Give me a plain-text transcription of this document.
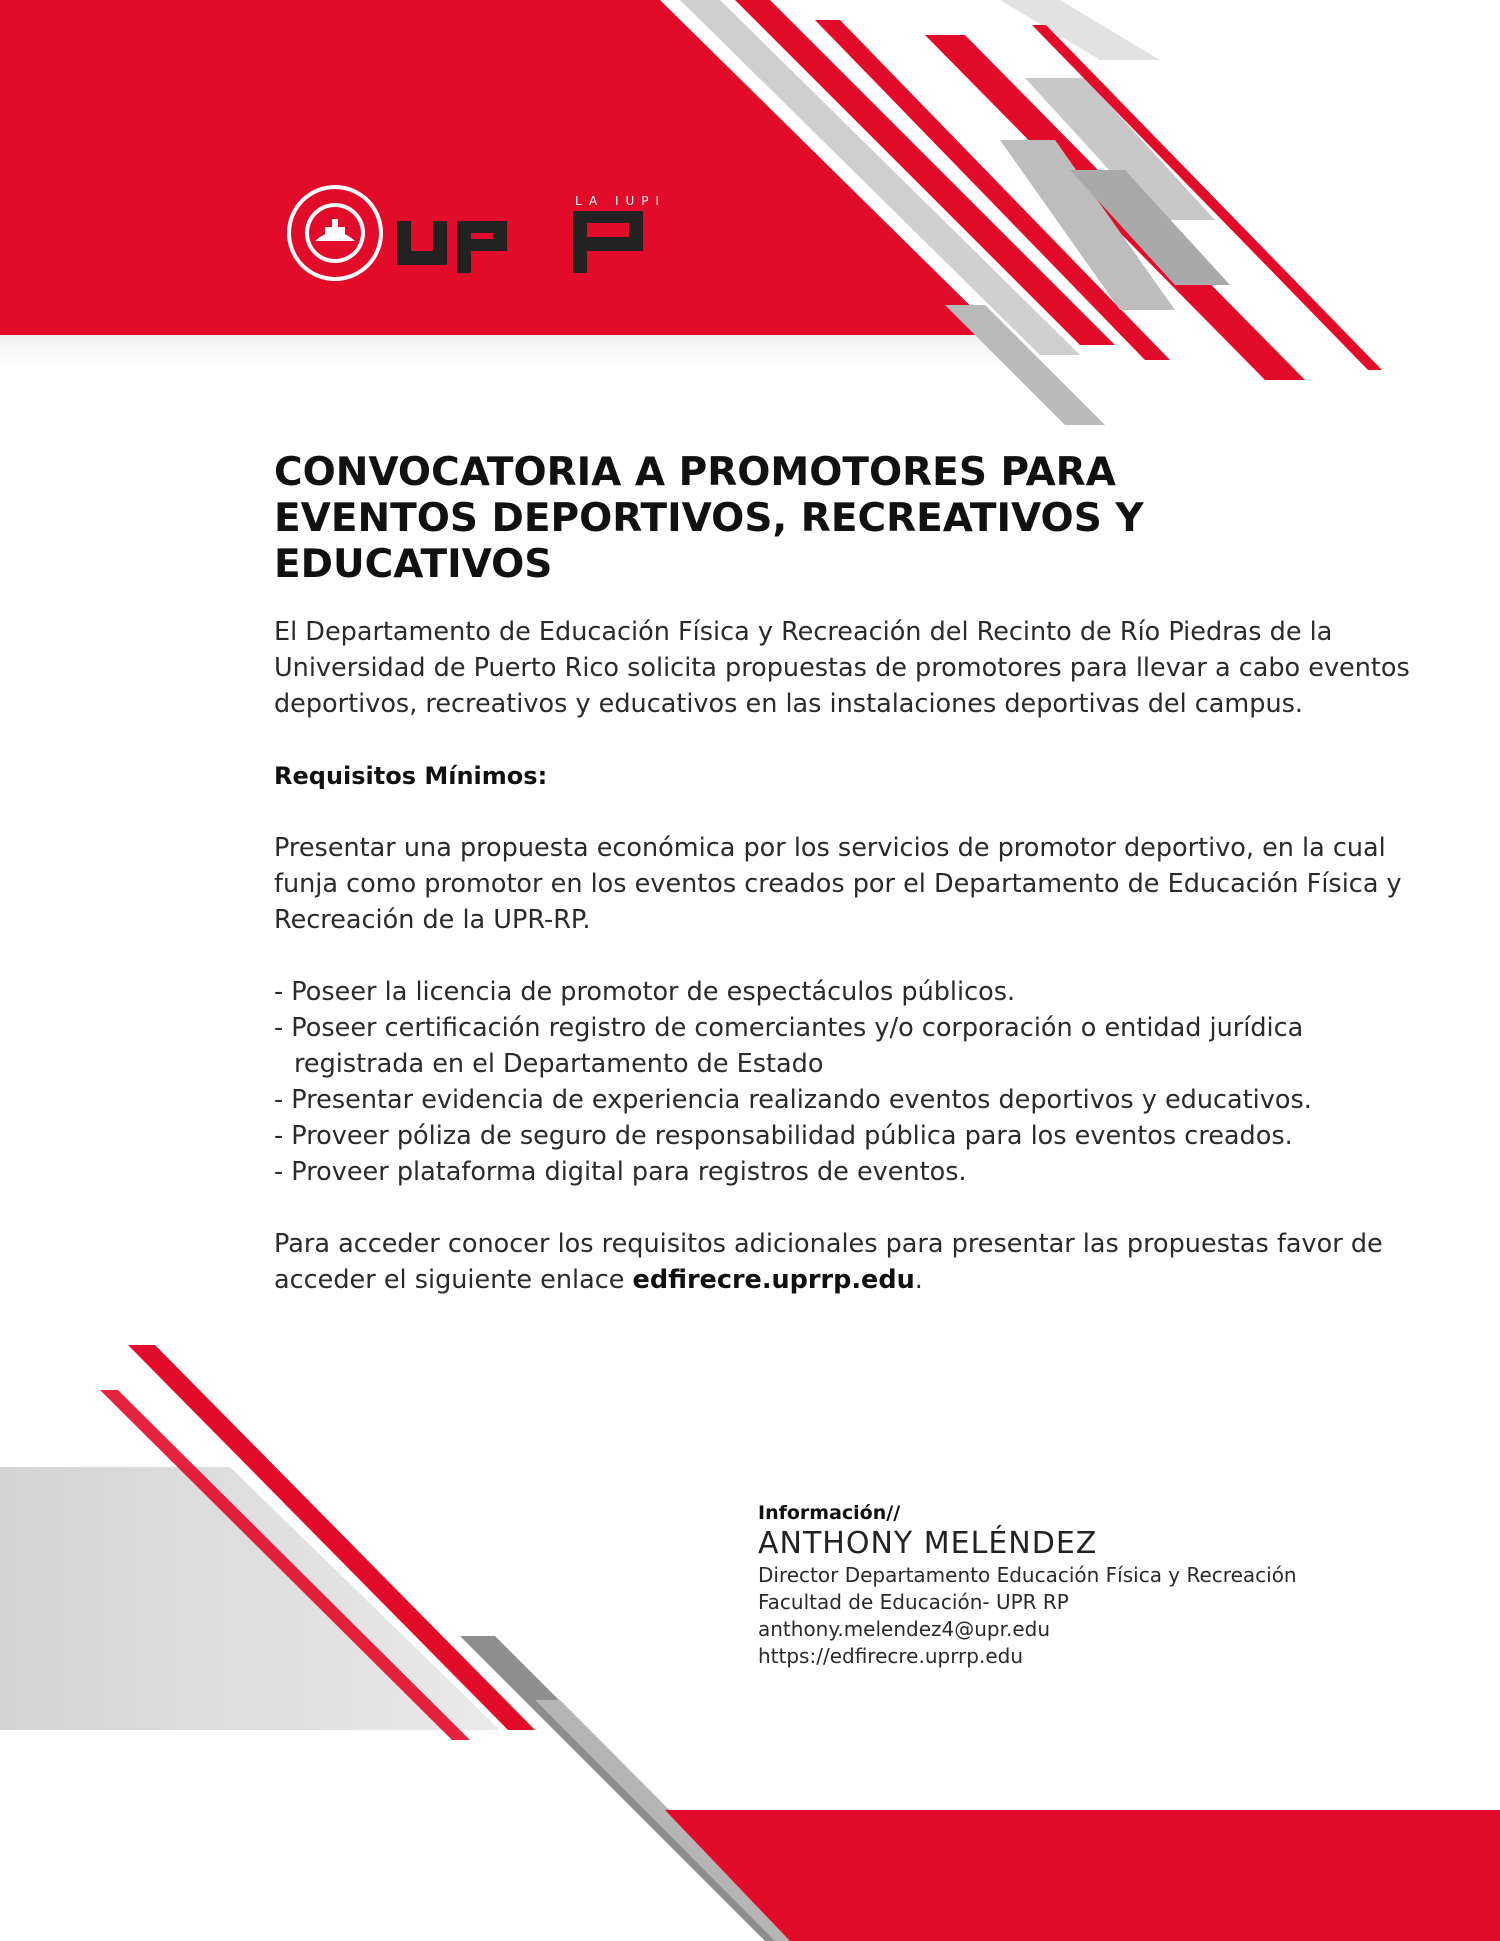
LA IUPI
CONVOCATORIA A PROMOTORES PARA
EVENTOS DEPORTIVOS, RECREATIVOS Y
EDUCATIVOS

El Departamento de Educación Física y Recreación del Recinto de Río Piedras de la Universidad de Puerto Rico solicita propuestas de promotores para llevar a cabo eventos deportivos, recreativos y educativos en las instalaciones deportivas del campus.

Requisitos Mínimos:

Presentar una propuesta económica por los servicios de promotor deportivo, en la cual funja como promotor en los eventos creados por el Departamento de Educación Física y Recreación de la UPR-RP.

- Poseer la licencia de promotor de espectáculos públicos.
- Poseer certificación registro de comerciantes y/o corporación o entidad jurídica registrada en el Departamento de Estado
- Presentar evidencia de experiencia realizando eventos deportivos y educativos.
- Proveer póliza de seguro de responsabilidad pública para los eventos creados.
- Proveer plataforma digital para registros de eventos.

Para acceder conocer los requisitos adicionales para presentar las propuestas favor de acceder el siguiente enlace edfirecre.uprrp.edu.

Información//
ANTHONY MELÉNDEZ
Director Departamento Educación Física y Recreación
Facultad de Educación- UPR RP
anthony.melendez4@upr.edu
https://edfirecre.uprrp.edu
